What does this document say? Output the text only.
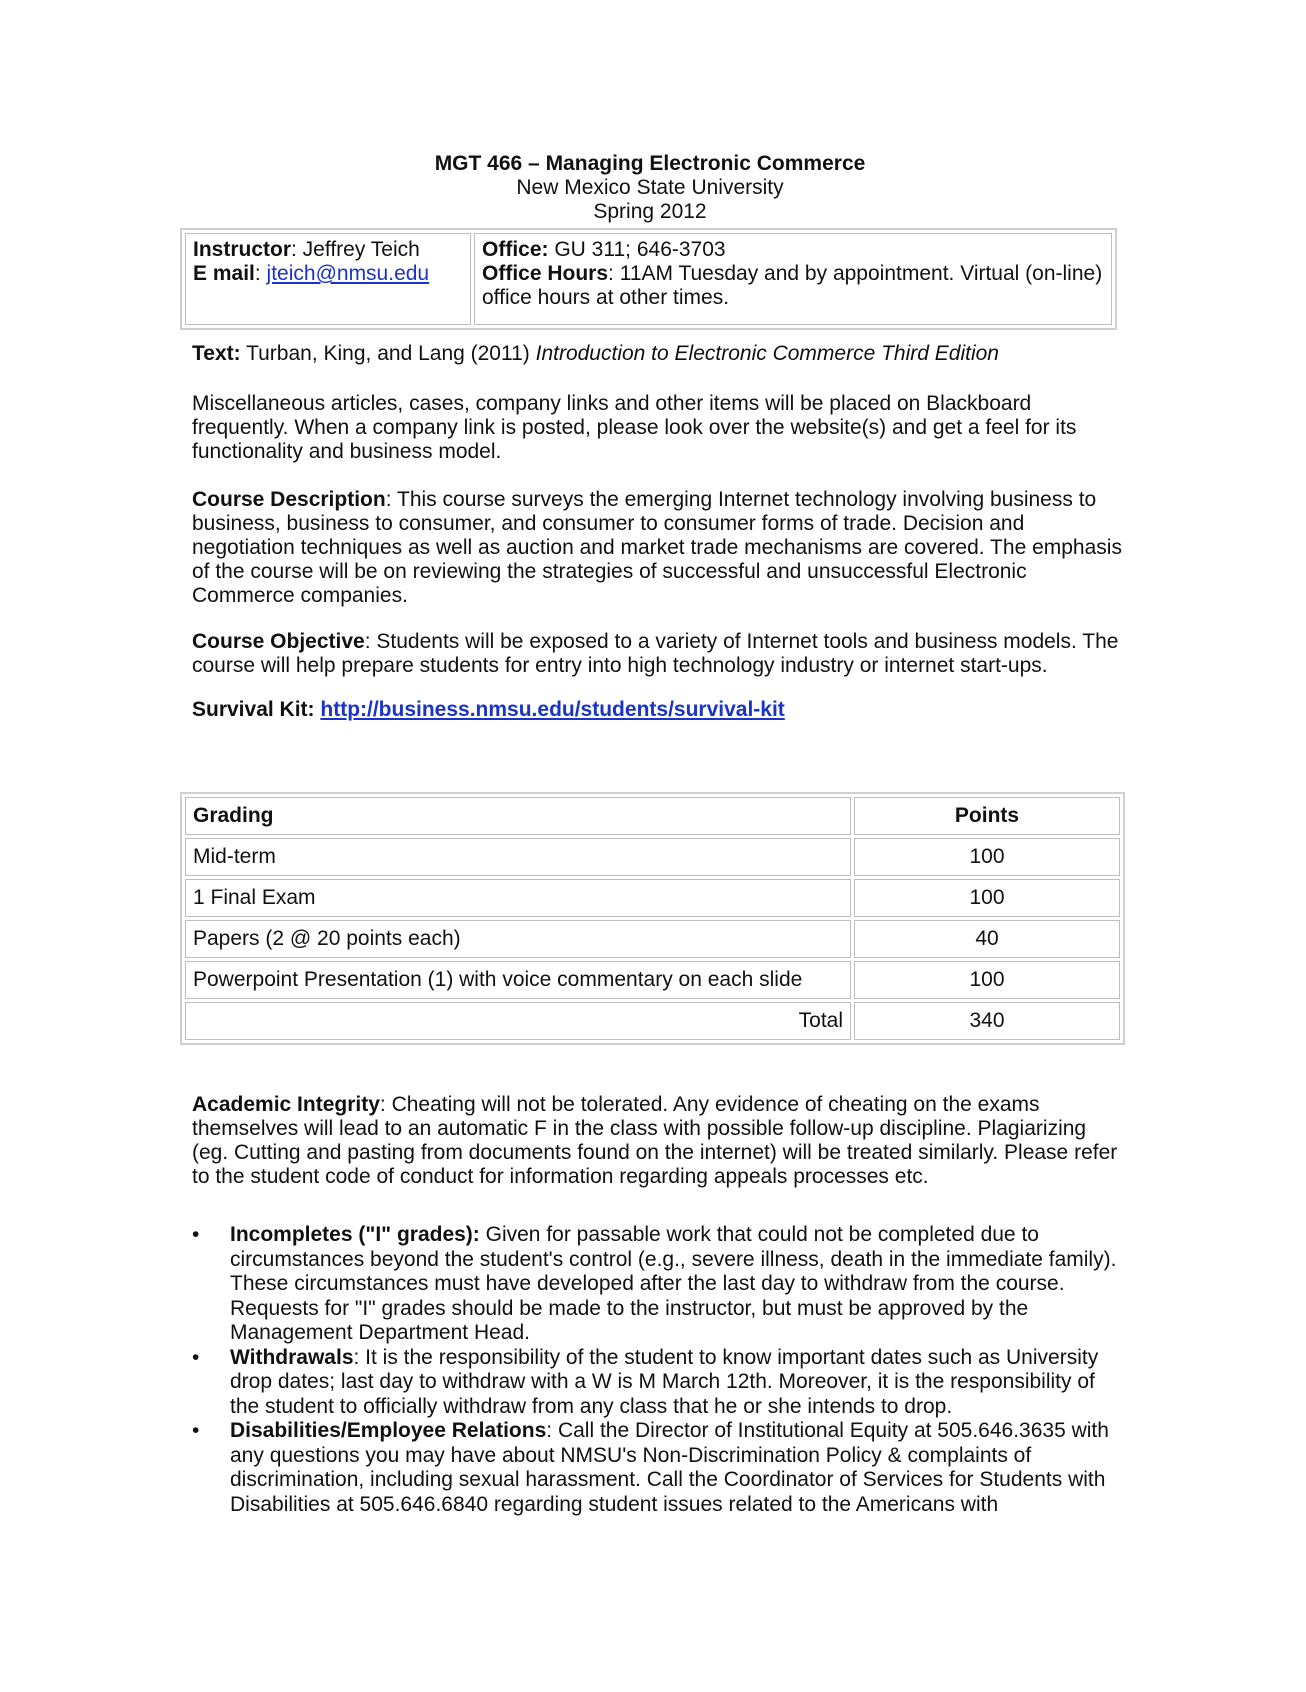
MGT 466 – Managing Electronic Commerce
New Mexico State University
Spring 2012
Instructor: Jeffrey Teich
E mail: jteich@nmsu.edu

Office: GU 311; 646-3703
Office Hours: 11AM Tuesday and by appointment. Virtual (on-line) office hours at other times.
Text: Turban, King, and Lang (2011) Introduction to Electronic Commerce Third Edition
Miscellaneous articles, cases, company links and other items will be placed on Blackboard frequently. When a company link is posted, please look over the website(s) and get a feel for its functionality and business model.
Course Description: This course surveys the emerging Internet technology involving business to business, business to consumer, and consumer to consumer forms of trade. Decision and negotiation techniques as well as auction and market trade mechanisms are covered. The emphasis of the course will be on reviewing the strategies of successful and unsuccessful Electronic Commerce companies.
Course Objective: Students will be exposed to a variety of Internet tools and business models. The course will help prepare students for entry into high technology industry or internet start-ups.
Survival Kit: http://business.nmsu.edu/students/survival-kit
Grading	Points
Mid-term	100
1 Final Exam	100
Papers (2 @ 20 points each)	40
Powerpoint Presentation (1) with voice commentary on each slide	100
Total	340
Academic Integrity: Cheating will not be tolerated. Any evidence of cheating on the exams themselves will lead to an automatic F in the class with possible follow-up discipline. Plagiarizing (eg. Cutting and pasting from documents found on the internet) will be treated similarly. Please refer to the student code of conduct for information regarding appeals processes etc.
• Incompletes ("I" grades): Given for passable work that could not be completed due to circumstances beyond the student's control (e.g., severe illness, death in the immediate family). These circumstances must have developed after the last day to withdraw from the course. Requests for "I" grades should be made to the instructor, but must be approved by the Management Department Head.
• Withdrawals: It is the responsibility of the student to know important dates such as University drop dates; last day to withdraw with a W is M March 12th. Moreover, it is the responsibility of the student to officially withdraw from any class that he or she intends to drop.
• Disabilities/Employee Relations: Call the Director of Institutional Equity at 505.646.3635 with any questions you may have about NMSU's Non-Discrimination Policy & complaints of discrimination, including sexual harassment. Call the Coordinator of Services for Students with Disabilities at 505.646.6840 regarding student issues related to the Americans with
